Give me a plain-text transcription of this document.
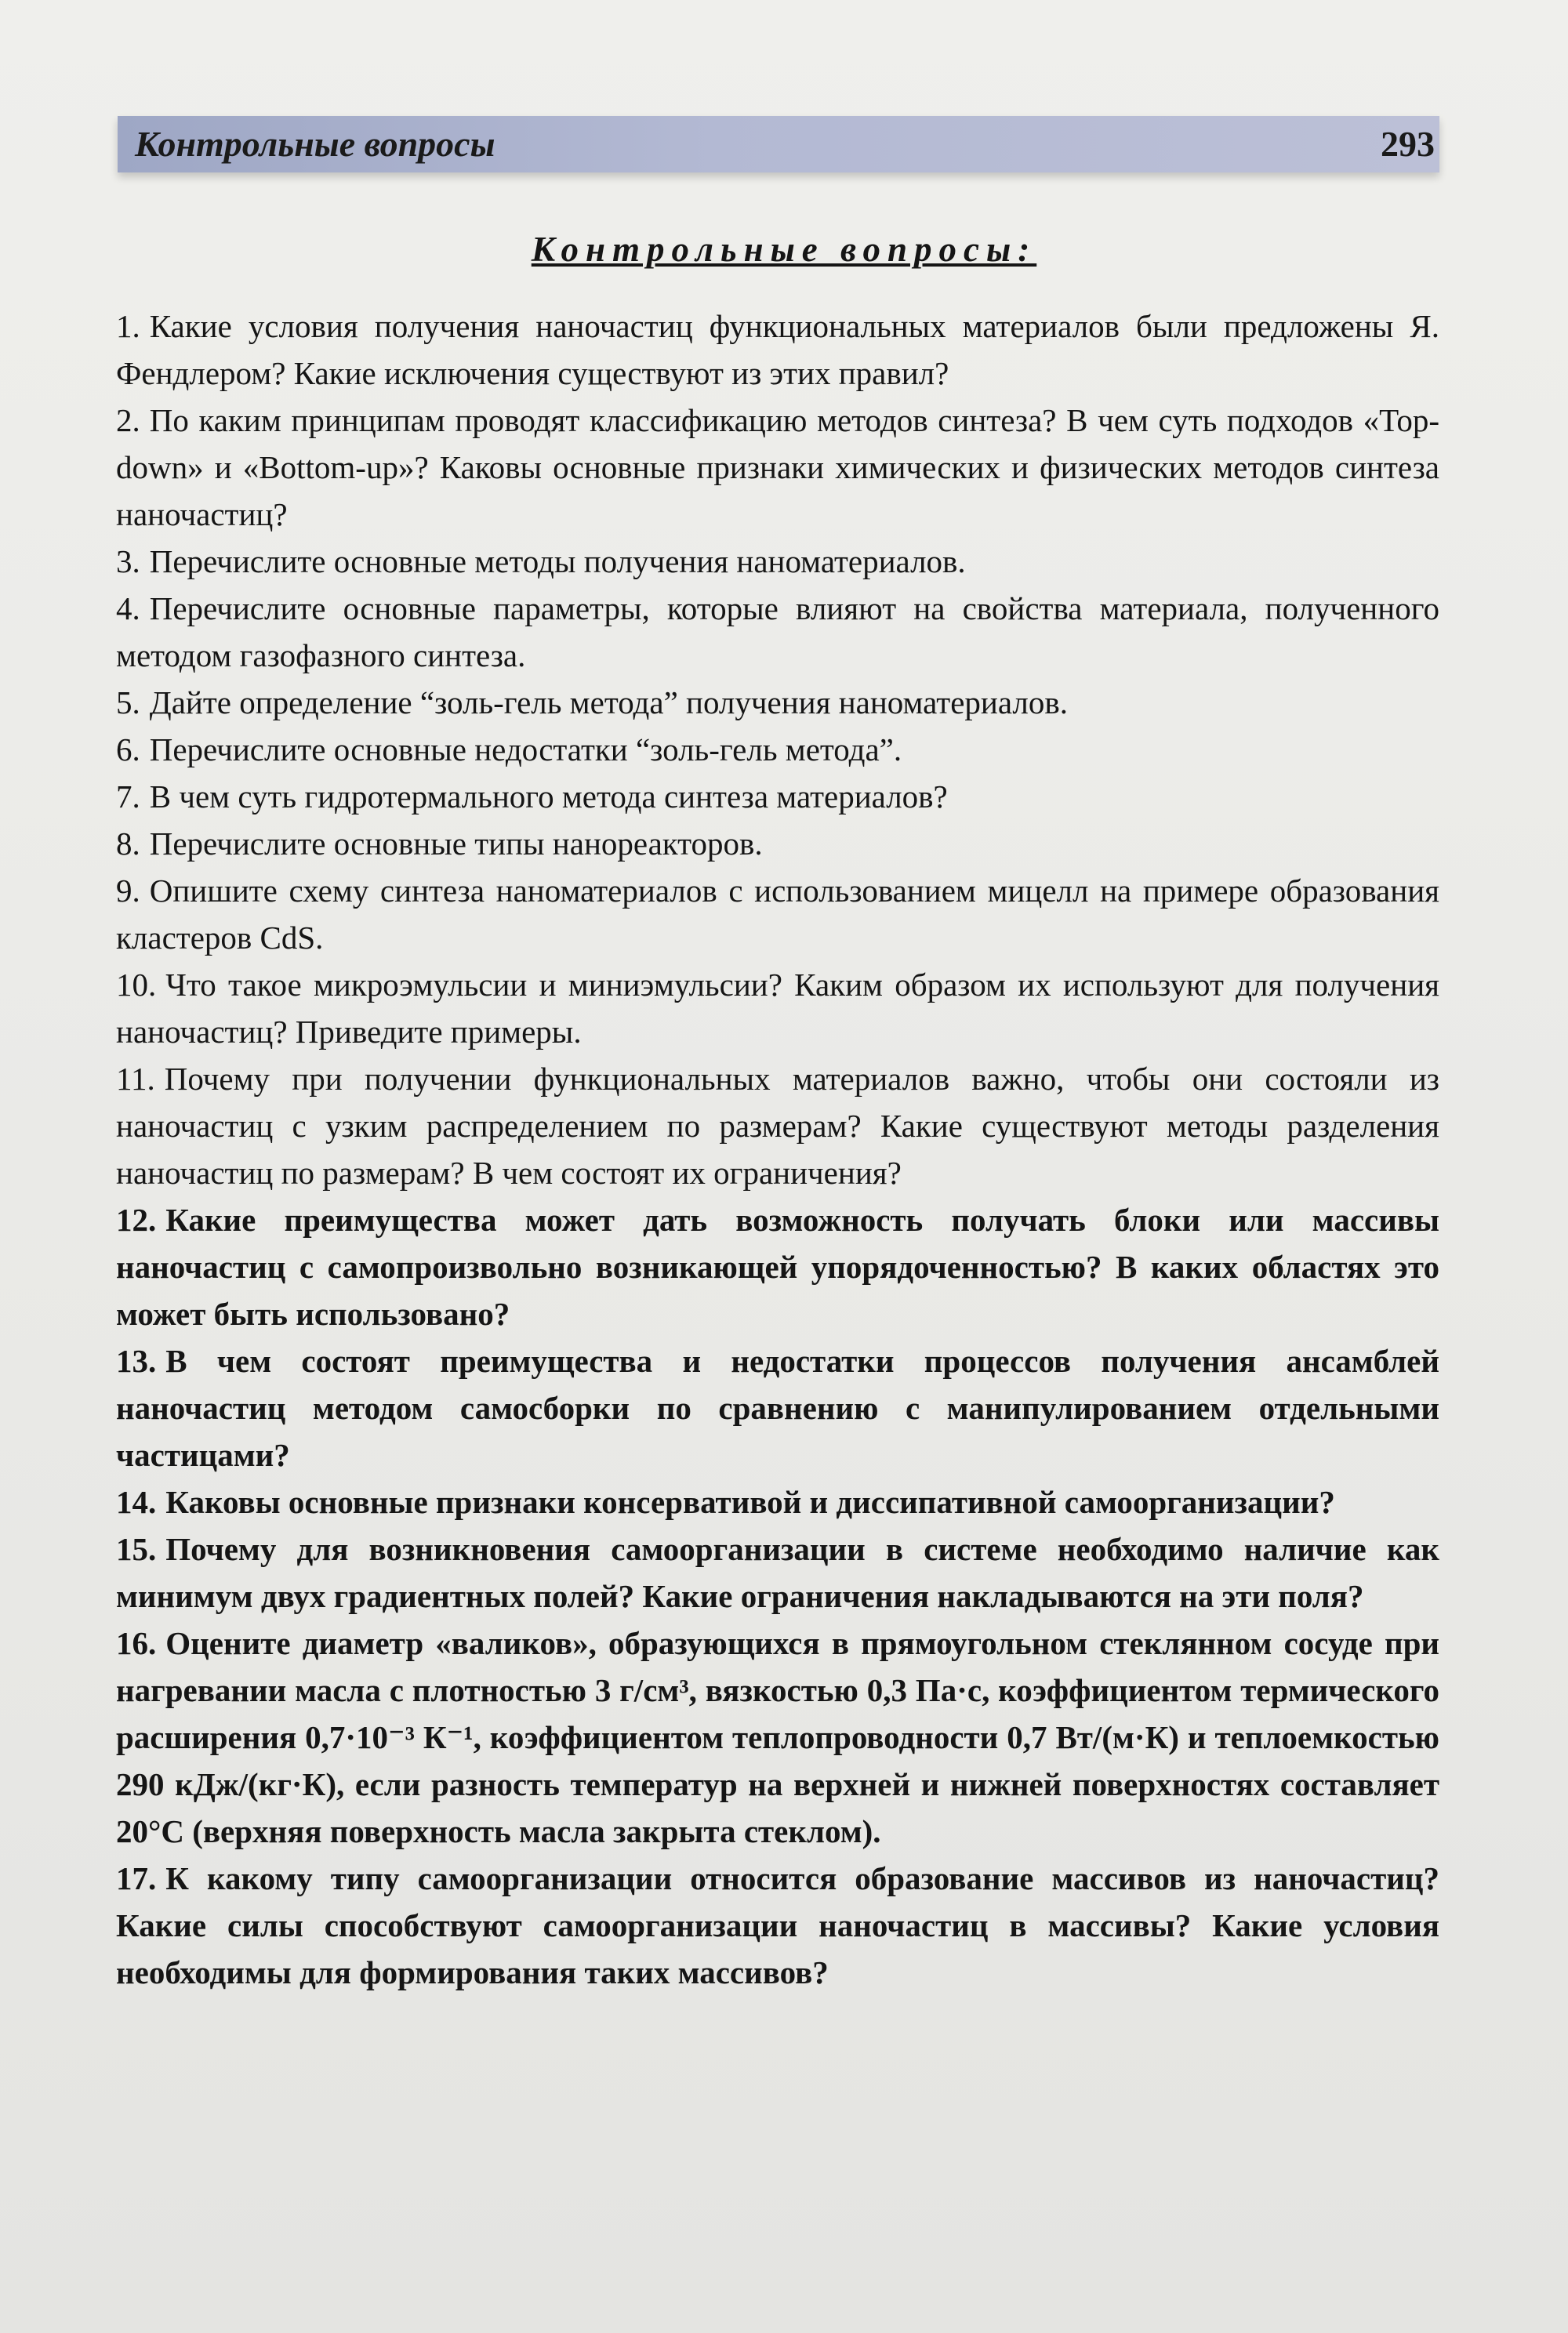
Контрольные вопросы	293
Контрольные вопросы:
1. Какие условия получения наночастиц функциональных материалов были предложены Я. Фендлером? Какие исключения существуют из этих правил?
2. По каким принципам проводят классификацию методов синтеза? В чем суть подходов «Top-down» и «Bottom-up»? Каковы основные признаки химических и физических методов синтеза наночастиц?
3. Перечислите основные методы получения наноматериалов.
4. Перечислите основные параметры, которые влияют на свойства материала, полученного методом газофазного синтеза.
5. Дайте определение “золь-гель метода” получения наноматериалов.
6. Перечислите основные недостатки “золь-гель метода”.
7. В чем суть гидротермального метода синтеза материалов?
8. Перечислите основные типы нанореакторов.
9. Опишите схему синтеза наноматериалов с использованием мицелл на примере образования кластеров CdS.
10. Что такое микроэмульсии и миниэмульсии? Каким образом их используют для получения наночастиц? Приведите примеры.
11. Почему при получении функциональных материалов важно, чтобы они состояли из наночастиц с узким распределением по размерам? Какие существуют методы разделения наночастиц по размерам? В чем состоят их ограничения?
12. Какие преимущества может дать возможность получать блоки или массивы наночастиц с самопроизвольно возникающей упорядоченностью? В каких областях это может быть использовано?
13. В чем состоят преимущества и недостатки процессов получения ансамблей наночастиц методом самосборки по сравнению с манипулированием отдельными частицами?
14. Каковы основные признаки консервативой и диссипативной самоорганизации?
15. Почему для возникновения самоорганизации в системе необходимо наличие как минимум двух градиентных полей? Какие ограничения накладываются на эти поля?
16. Оцените диаметр «валиков», образующихся в прямоугольном стеклянном сосуде при нагревании масла с плотностью 3 г/см³, вязкостью 0,3 Па·с, коэффициентом термического расширения 0,7·10⁻³ К⁻¹, коэффициентом теплопроводности 0,7 Вт/(м·К) и теплоемкостью 290 кДж/(кг·К), если разность температур на верхней и нижней поверхностях составляет 20°С (верхняя поверхность масла закрыта стеклом).
17. К какому типу самоорганизации относится образование массивов из наночастиц? Какие силы способствуют самоорганизации наночастиц в массивы? Какие условия необходимы для формирования таких массивов?
